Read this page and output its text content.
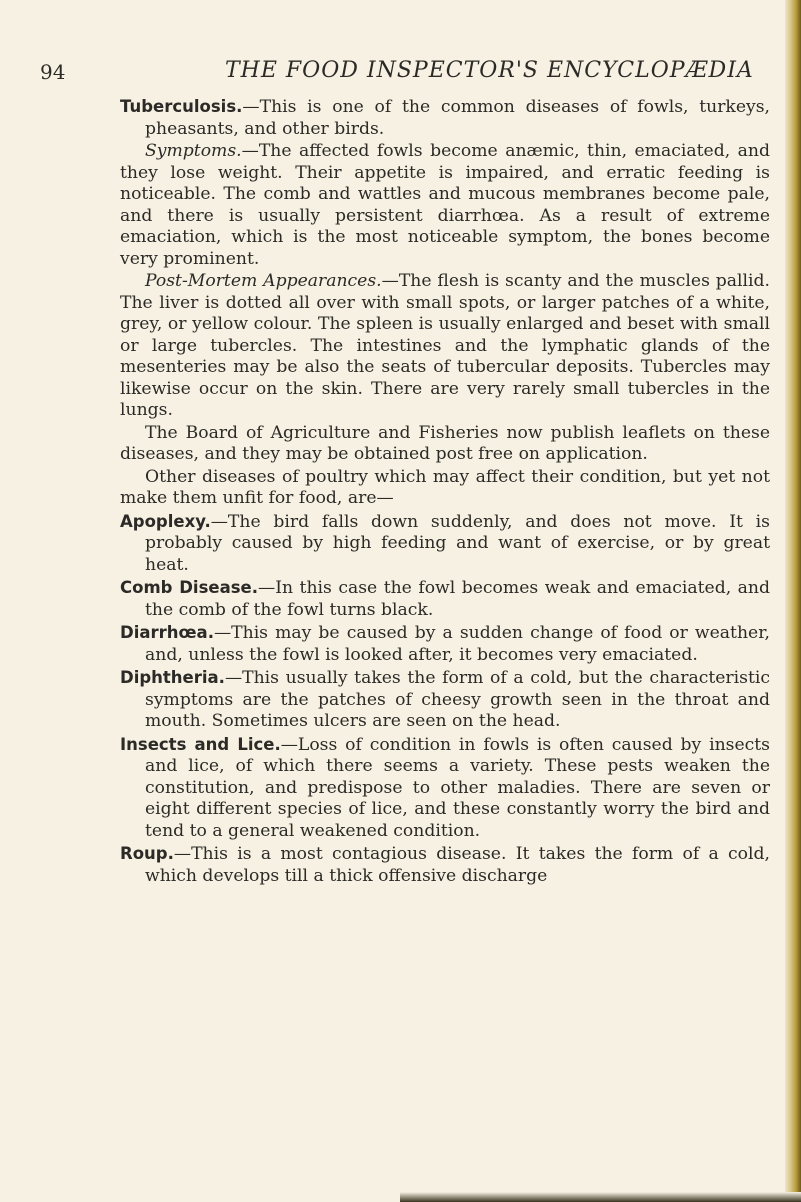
94	THE FOOD INSPECTOR'S ENCYCLOPÆDIA

Tuberculosis.—This is one of the common diseases of fowls, turkeys, pheasants, and other birds.

Symptoms.—The affected fowls become anæmic, thin, emaciated, and they lose weight. Their appetite is impaired, and erratic feeding is noticeable. The comb and wattles and mucous membranes become pale, and there is usually persistent diarrhœa. As a result of extreme emaciation, which is the most noticeable symptom, the bones become very prominent.

Post-Mortem Appearances.—The flesh is scanty and the muscles pallid. The liver is dotted all over with small spots, or larger patches of a white, grey, or yellow colour. The spleen is usually enlarged and beset with small or large tubercles. The intestines and the lymphatic glands of the mesenteries may be also the seats of tubercular deposits. Tubercles may likewise occur on the skin. There are very rarely small tubercles in the lungs.

The Board of Agriculture and Fisheries now publish leaflets on these diseases, and they may be obtained post free on application.

Other diseases of poultry which may affect their condition, but yet not make them unfit for food, are—

Apoplexy.—The bird falls down suddenly, and does not move. It is probably caused by high feeding and want of exercise, or by great heat.

Comb Disease.—In this case the fowl becomes weak and emaciated, and the comb of the fowl turns black.

Diarrhœa.—This may be caused by a sudden change of food or weather, and, unless the fowl is looked after, it becomes very emaciated.

Diphtheria.—This usually takes the form of a cold, but the characteristic symptoms are the patches of cheesy growth seen in the throat and mouth. Sometimes ulcers are seen on the head.

Insects and Lice.—Loss of condition in fowls is often caused by insects and lice, of which there seems a variety. These pests weaken the constitution, and predispose to other maladies. There are seven or eight different species of lice, and these constantly worry the bird and tend to a general weakened condition.

Roup.—This is a most contagious disease. It takes the form of a cold, which develops till a thick offensive discharge
